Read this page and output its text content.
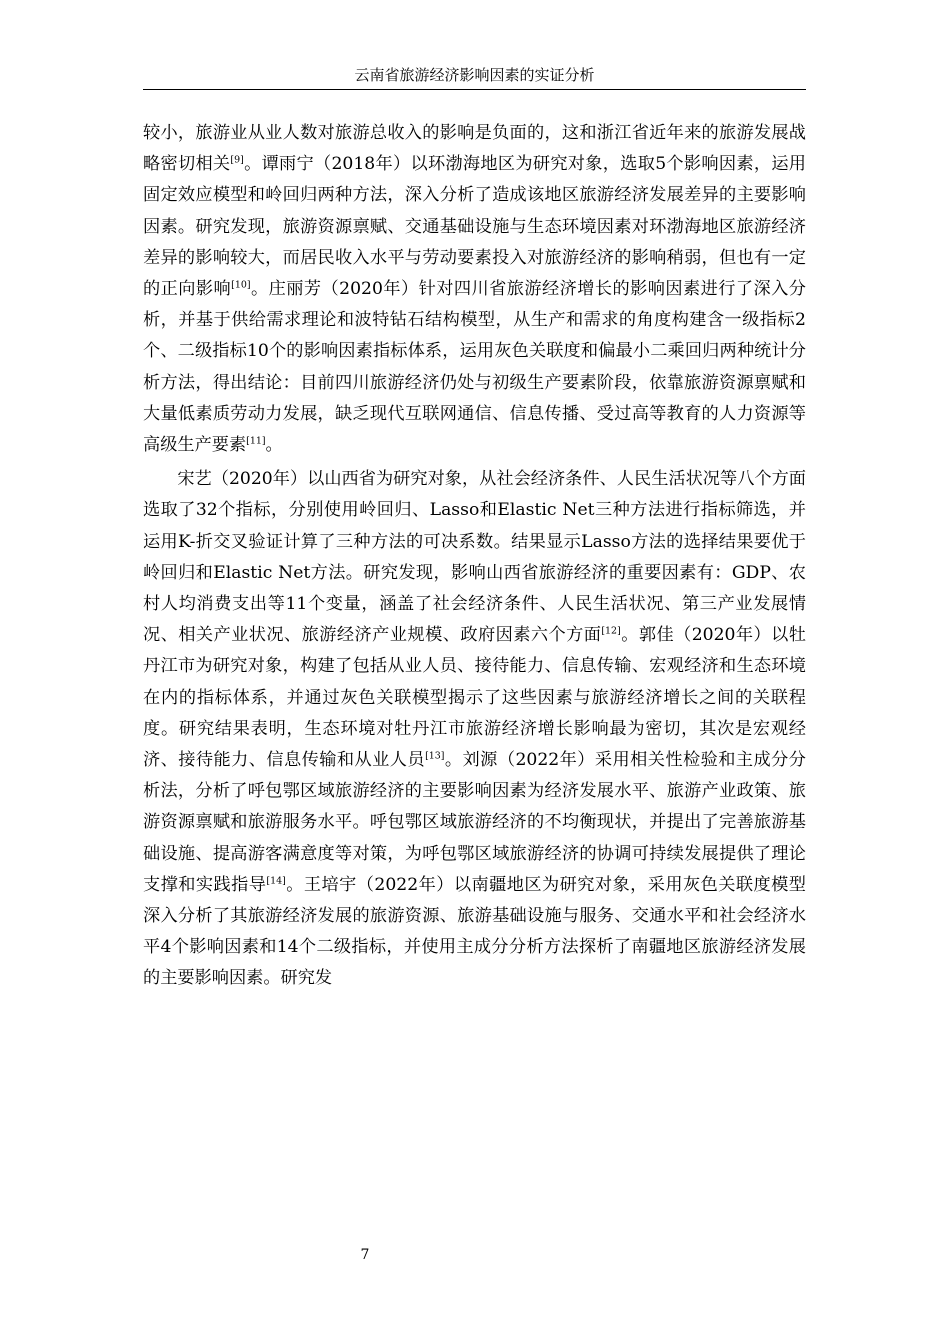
云南省旅游经济影响因素的实证分析

较小，旅游业从业人数对旅游总收入的影响是负面的，这和浙江省近年来的旅游发展战略密切相关[9]。谭雨宁（2018年）以环渤海地区为研究对象，选取5个影响因素，运用固定效应模型和岭回归两种方法，深入分析了造成该地区旅游经济发展差异的主要影响因素。研究发现，旅游资源禀赋、交通基础设施与生态环境因素对环渤海地区旅游经济差异的影响较大，而居民收入水平与劳动要素投入对旅游经济的影响稍弱，但也有一定的正向影响[10]。庄丽芳（2020年）针对四川省旅游经济增长的影响因素进行了深入分析，并基于供给需求理论和波特钻石结构模型，从生产和需求的角度构建含一级指标2个、二级指标10个的影响因素指标体系，运用灰色关联度和偏最小二乘回归两种统计分析方法，得出结论：目前四川旅游经济仍处与初级生产要素阶段，依靠旅游资源禀赋和大量低素质劳动力发展，缺乏现代互联网通信、信息传播、受过高等教育的人力资源等高级生产要素[11]。

宋艺（2020年）以山西省为研究对象，从社会经济条件、人民生活状况等八个方面选取了32个指标，分别使用岭回归、Lasso和Elastic Net三种方法进行指标筛选，并运用K-折交叉验证计算了三种方法的可决系数。结果显示Lasso方法的选择结果要优于岭回归和Elastic Net方法。研究发现，影响山西省旅游经济的重要因素有：GDP、农村人均消费支出等11个变量，涵盖了社会经济条件、人民生活状况、第三产业发展情况、相关产业状况、旅游经济产业规模、政府因素六个方面[12]。郭佳（2020年）以牡丹江市为研究对象，构建了包括从业人员、接待能力、信息传输、宏观经济和生态环境在内的指标体系，并通过灰色关联模型揭示了这些因素与旅游经济增长之间的关联程度。研究结果表明，生态环境对牡丹江市旅游经济增长影响最为密切，其次是宏观经济、接待能力、信息传输和从业人员[13]。刘源（2022年）采用相关性检验和主成分分析法，分析了呼包鄂区域旅游经济的主要影响因素为经济发展水平、旅游产业政策、旅游资源禀赋和旅游服务水平。呼包鄂区域旅游经济的不均衡现状，并提出了完善旅游基础设施、提高游客满意度等对策，为呼包鄂区域旅游经济的协调可持续发展提供了理论支撑和实践指导[14]。王培宇（2022年）以南疆地区为研究对象，采用灰色关联度模型深入分析了其旅游经济发展的旅游资源、旅游基础设施与服务、交通水平和社会经济水平4个影响因素和14个二级指标，并使用主成分分析方法探析了南疆地区旅游经济发展的主要影响因素。研究发

7
